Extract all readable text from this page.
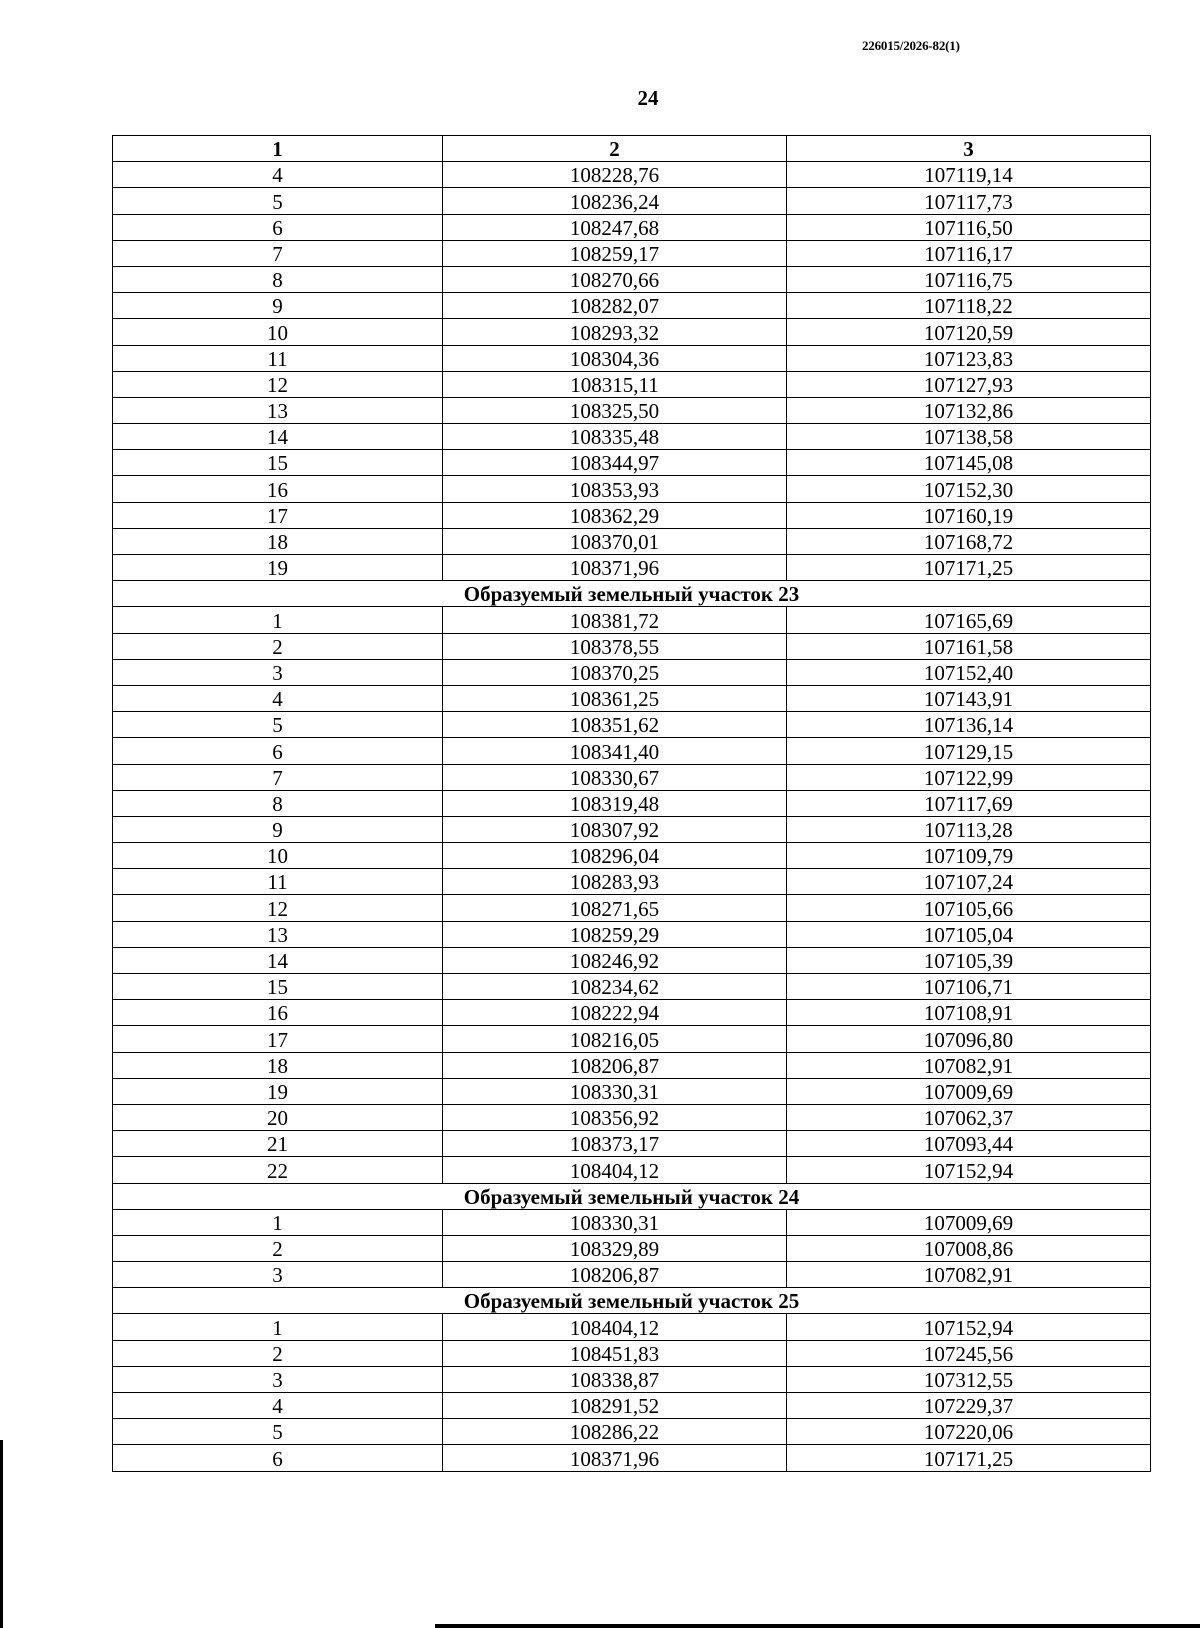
226015/2026-82(1)
24
1	2	3
4	108228,76	107119,14
5	108236,24	107117,73
6	108247,68	107116,50
7	108259,17	107116,17
8	108270,66	107116,75
9	108282,07	107118,22
10	108293,32	107120,59
11	108304,36	107123,83
12	108315,11	107127,93
13	108325,50	107132,86
14	108335,48	107138,58
15	108344,97	107145,08
16	108353,93	107152,30
17	108362,29	107160,19
18	108370,01	107168,72
19	108371,96	107171,25
Образуемый земельный участок 23		
1	108381,72	107165,69
2	108378,55	107161,58
3	108370,25	107152,40
4	108361,25	107143,91
5	108351,62	107136,14
6	108341,40	107129,15
7	108330,67	107122,99
8	108319,48	107117,69
9	108307,92	107113,28
10	108296,04	107109,79
11	108283,93	107107,24
12	108271,65	107105,66
13	108259,29	107105,04
14	108246,92	107105,39
15	108234,62	107106,71
16	108222,94	107108,91
17	108216,05	107096,80
18	108206,87	107082,91
19	108330,31	107009,69
20	108356,92	107062,37
21	108373,17	107093,44
22	108404,12	107152,94
Образуемый земельный участок 24		
1	108330,31	107009,69
2	108329,89	107008,86
3	108206,87	107082,91
Образуемый земельный участок 25		
1	108404,12	107152,94
2	108451,83	107245,56
3	108338,87	107312,55
4	108291,52	107229,37
5	108286,22	107220,06
6	108371,96	107171,25
